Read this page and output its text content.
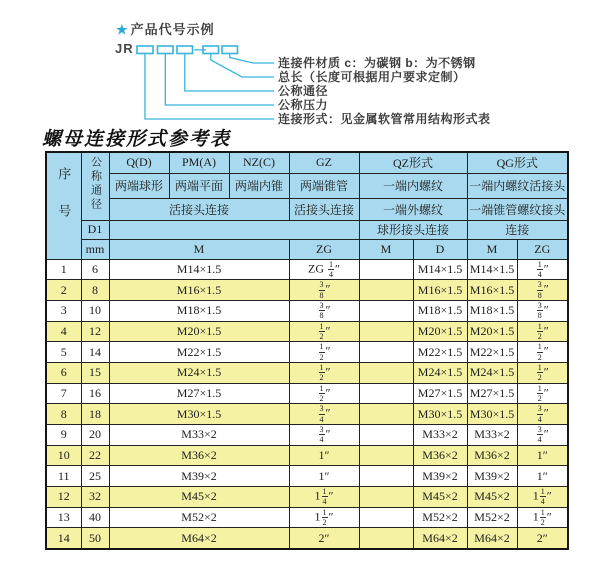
★ 产品代号示例
JR	—
连接件材质 c：为碳钢 b：为不锈钢
总长（长度可根据用户要求定制）
公称通径
公称压力
连接形式：见金属软管常用结构形式表
螺母连接形式参考表
序号	公称通径	Q(D)	PM(A)	NZ(C)	GZ	QZ形式		QG形式	
		两端球形	两端平面	两端内锥	两端锥管	一端内螺纹		一端内螺纹活接头	
		活接头连接			活接头连接	一端外螺纹		一端锥管螺纹接头	
	D1					球形接头连接		连接	
	mm	M			ZG	M	D	M	ZG
1	6	M14×1.5			ZG $\frac{1}{4}$ ″		M14×1.5	M14×1.5	$\frac{1}{4}$ ″
2	8	M16×1.5			$\frac{3}{8}$ ″		M16×1.5	M16×1.5	$\frac{3}{8}$ ″
3	10	M18×1.5			$\frac{3}{8}$ ″		M18×1.5	M18×1.5	$\frac{3}{8}$ ″
4	12	M20×1.5			$\frac{1}{2}$ ″		M20×1.5	M20×1.5	$\frac{1}{2}$ ″
5	14	M22×1.5			$\frac{1}{2}$ ″		M22×1.5	M22×1.5	$\frac{1}{2}$ ″
6	15	M24×1.5			$\frac{1}{2}$ ″		M24×1.5	M24×1.5	$\frac{1}{2}$ ″
7	16	M27×1.5			$\frac{1}{2}$ ″		M27×1.5	M27×1.5	$\frac{1}{2}$ ″
8	18	M30×1.5			$\frac{3}{4}$ ″		M30×1.5	M30×1.5	$\frac{3}{4}$ ″
9	20	M33×2			$\frac{3}{4}$ ″		M33×2	M33×2	$\frac{3}{4}$ ″
10	22	M36×2			1″		M36×2	M36×2	1″
11	25	M39×2			1″		M39×2	M39×2	1″
12	32	M45×2			$1 \frac{1}{4}$ ″		M45×2	M45×2	$1 \frac{1}{4}$ ″
13	40	M52×2			$1 \frac{1}{2}$ ″		M52×2	M52×2	$1 \frac{1}{2}$ ″
14	50	M64×2			2″		M64×2	M64×2	2″
